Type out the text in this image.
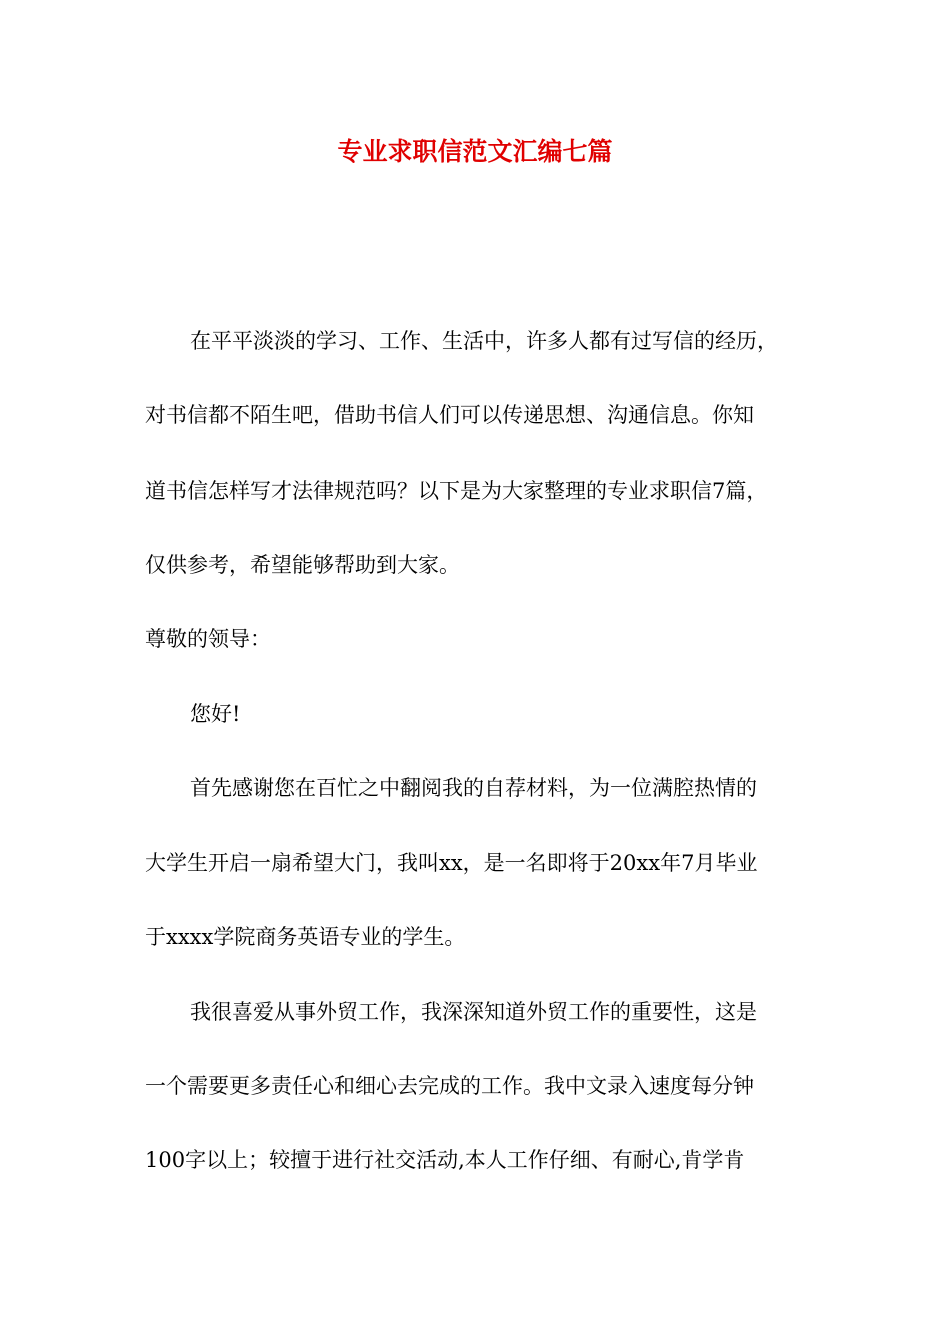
专业求职信范文汇编七篇
在平平淡淡的学习、工作、生活中，许多人都有过写信的经历，
对书信都不陌生吧，借助书信人们可以传递思想、沟通信息。你知
道书信怎样写才法律规范吗？以下是为大家整理的专业求职信7篇，
仅供参考，希望能够帮助到大家。
尊敬的领导：
您好!
首先感谢您在百忙之中翻阅我的自荐材料，为一位满腔热情的
大学生开启一扇希望大门，我叫xx，是一名即将于20xx年7月毕业
于xxxx学院商务英语专业的学生。
我很喜爱从事外贸工作，我深深知道外贸工作的重要性，这是
一个需要更多责任心和细心去完成的工作。我中文录入速度每分钟
100字以上；较擅于进行社交活动,本人工作仔细、有耐心,肯学肯
